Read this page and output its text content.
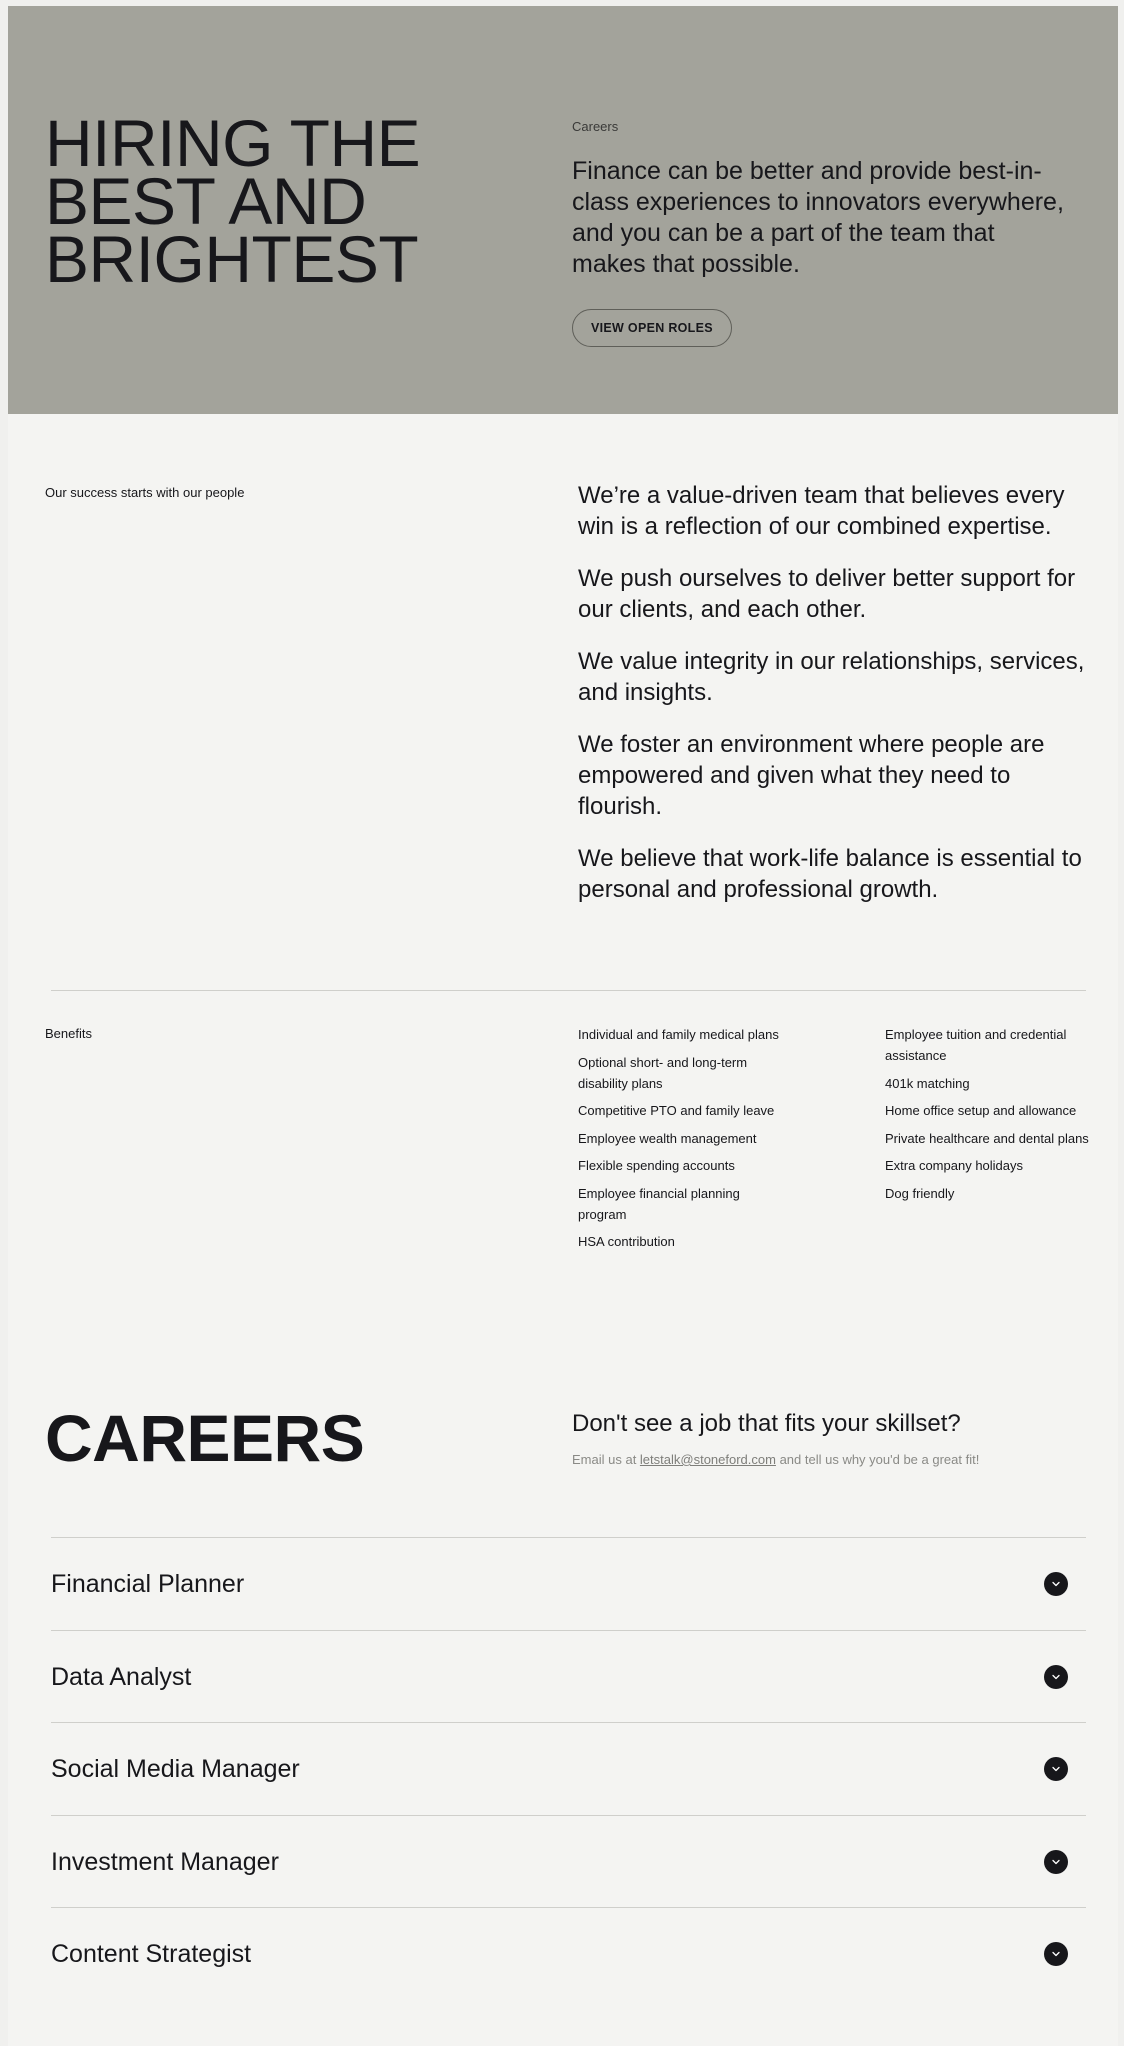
HIRING THE BEST AND BRIGHTEST
Careers

Finance can be better and provide best-in-class experiences to innovators everywhere, and you can be a part of the team that makes that possible.

VIEW OPEN ROLES
Our success starts with our people	We’re a value-driven team that believes every win is a reflection of our combined expertise.

We push ourselves to deliver better support for our clients, and each other.

We value integrity in our relationships, services, and insights.

We foster an environment where people are empowered and given what they need to flourish.

We believe that work-life balance is essential to personal and professional growth.

Benefits	Individual and family medical plans
Optional short- and long-term disability plans
Competitive PTO and family leave
Employee wealth management
Flexible spending accounts
Employee financial planning program
HSA contribution
Employee tuition and credential assistance
401k matching
Home office setup and allowance
Private healthcare and dental plans
Extra company holidays
Dog friendly
CAREERS	Don't see a job that fits your skillset?
Email us at letstalk@stoneford.com and tell us why you'd be a great fit!
Financial Planner
Data Analyst
Social Media Manager
Investment Manager
Content Strategist
